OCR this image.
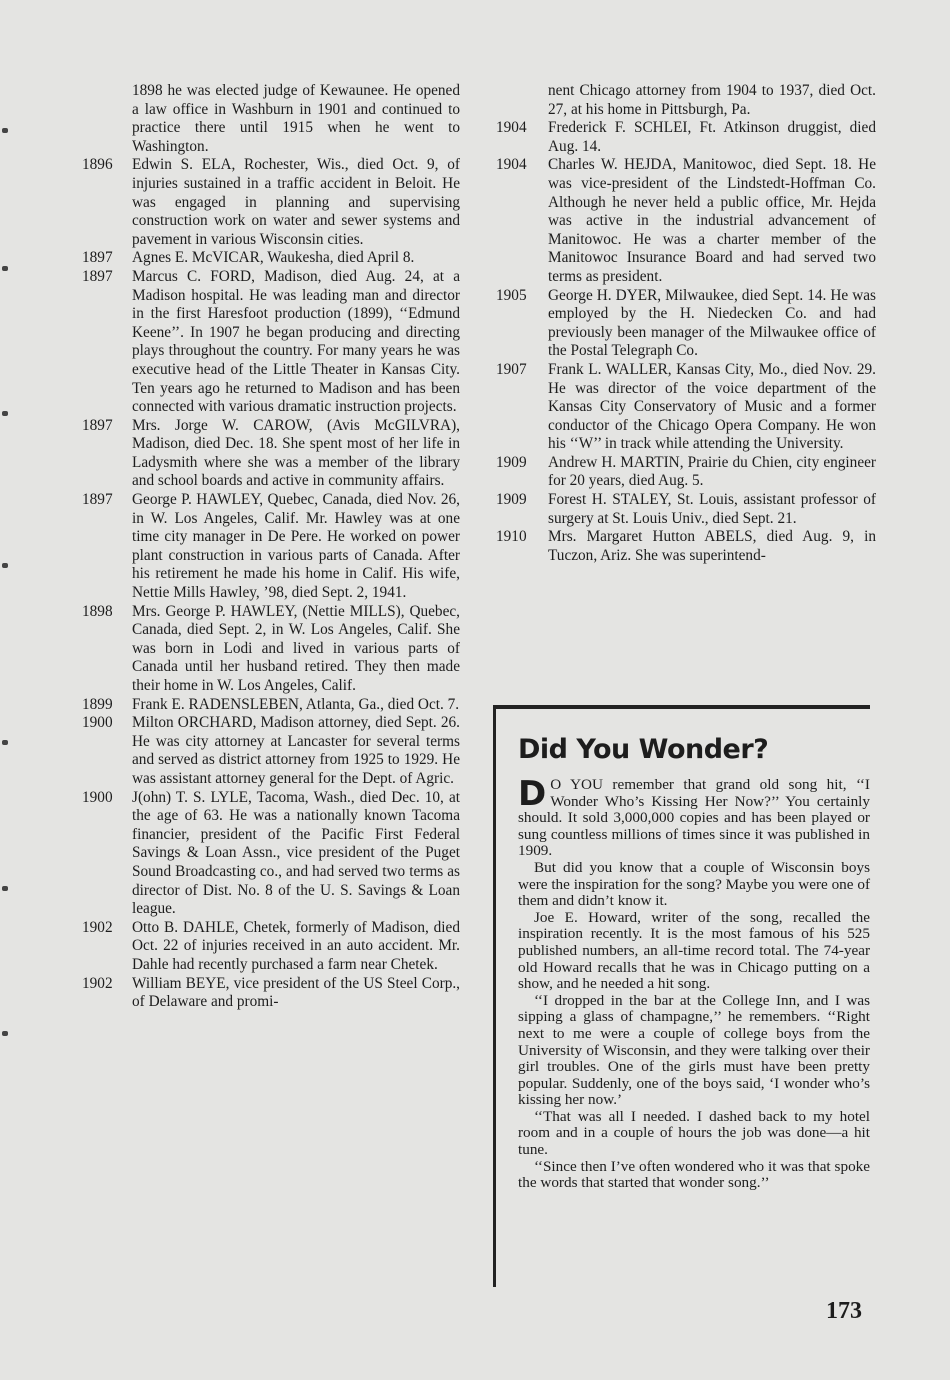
1898 he was elected judge of Kewaunee. He opened a law office in Washburn in 1901 and continued to practice there until 1915 when he went to Washington.
1896	Edwin S. ELA, Rochester, Wis., died Oct. 9, of injuries sustained in a traffic accident in Beloit. He was engaged in planning and supervising construction work on water and sewer systems and pavement in various Wisconsin cities.
1897	Agnes E. McVICAR, Waukesha, died April 8.
1897	Marcus C. FORD, Madison, died Aug. 24, at a Madison hospital. He was leading man and director in the first Haresfoot production (1899), ‘‘Edmund Keene’’. In 1907 he began producing and directing plays throughout the country. For many years he was executive head of the Little Theater in Kansas City. Ten years ago he returned to Madison and has been connected with various dramatic instruction projects.
1897	Mrs. Jorge W. CAROW, (Avis McGILVRA), Madison, died Dec. 18. She spent most of her life in Ladysmith where she was a member of the library and school boards and active in community affairs.
1897	George P. HAWLEY, Quebec, Canada, died Nov. 26, in W. Los Angeles, Calif. Mr. Hawley was at one time city manager in De Pere. He worked on power plant construction in various parts of Canada. After his retirement he made his home in Calif. His wife, Nettie Mills Hawley, ’98, died Sept. 2, 1941.
1898	Mrs. George P. HAWLEY, (Nettie MILLS), Quebec, Canada, died Sept. 2, in W. Los Angeles, Calif. She was born in Lodi and lived in various parts of Canada until her husband retired. They then made their home in W. Los Angeles, Calif.
1899	Frank E. RADENSLEBEN, Atlanta, Ga., died Oct. 7.
1900	Milton ORCHARD, Madison attorney, died Sept. 26. He was city attorney at Lancaster for several terms and served as district attorney from 1925 to 1929. He was assistant attorney general for the Dept. of Agric.
1900	J(ohn) T. S. LYLE, Tacoma, Wash., died Dec. 10, at the age of 63. He was a nationally known Tacoma financier, president of the Pacific First Federal Savings & Loan Assn., vice president of the Puget Sound Broadcasting co., and had served two terms as director of Dist. No. 8 of the U. S. Savings & Loan league.
1902	Otto B. DAHLE, Chetek, formerly of Madison, died Oct. 22 of injuries received in an auto accident. Mr. Dahle had recently purchased a farm near Chetek.
1902	William BEYE, vice president of the US Steel Corp., of Delaware and promi-
nent Chicago attorney from 1904 to 1937, died Oct. 27, at his home in Pittsburgh, Pa.
1904	Frederick F. SCHLEI, Ft. Atkinson druggist, died Aug. 14.
1904	Charles W. HEJDA, Manitowoc, died Sept. 18. He was vice-president of the Lindstedt-Hoffman Co. Although he never held a public office, Mr. Hejda was active in the industrial advancement of Manitowoc. He was a charter member of the Manitowoc Insurance Board and had served two terms as president.
1905	George H. DYER, Milwaukee, died Sept. 14. He was employed by the H. Niedecken Co. and had previously been manager of the Milwaukee office of the Postal Telegraph Co.
1907	Frank L. WALLER, Kansas City, Mo., died Nov. 29. He was director of the voice department of the Kansas City Conservatory of Music and a former conductor of the Chicago Opera Company. He won his ‘‘W’’ in track while attending the University.
1909	Andrew H. MARTIN, Prairie du Chien, city engineer for 20 years, died Aug. 5.
1909	Forest H. STALEY, St. Louis, assistant professor of surgery at St. Louis Univ., died Sept. 21.
1910	Mrs. Margaret Hutton ABELS, died Aug. 9, in Tuczon, Ariz. She was superintend-
Did You Wonder?

D O YOU remember that grand old song hit, ‘‘I Wonder Who’s Kissing Her Now?’’ You certainly should. It sold 3,000,000 copies and has been played or sung countless millions of times since it was published in 1909.

But did you know that a couple of Wisconsin boys were the inspiration for the song? Maybe you were one of them and didn’t know it.

Joe E. Howard, writer of the song, recalled the inspiration recently. It is the most famous of his 525 published numbers, an all-time record total. The 74-year old Howard recalls that he was in Chicago putting on a show, and he needed a hit song.

‘‘I dropped in the bar at the College Inn, and I was sipping a glass of champagne,’’ he remembers. ‘‘Right next to me were a couple of college boys from the University of Wisconsin, and they were talking over their girl troubles. One of the girls must have been pretty popular. Suddenly, one of the boys said, ‘I wonder who’s kissing her now.’

‘‘That was all I needed. I dashed back to my hotel room and in a couple of hours the job was done—a hit tune.

‘‘Since then I’ve often wondered who it was that spoke the words that started that wonder song.’’

173
